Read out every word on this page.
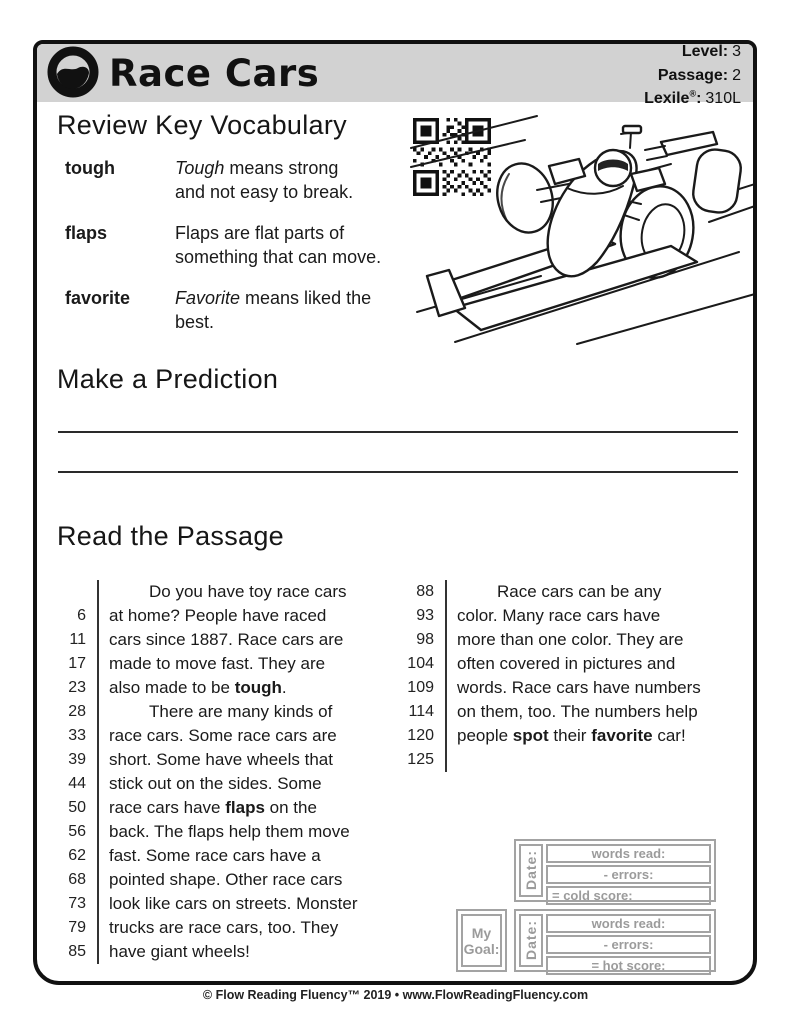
Race Cars	Level: 3
Passage: 2
Lexile®: 310L
Review Key Vocabulary
tough	Tough means strong
and not easy to break.
flaps	Flaps are flat parts of
something that can move.
favorite	Favorite means liked the best.
Make a Prediction
Read the Passage
Do you have toy race cars
6	at home? People have raced
11	cars since 1887. Race cars are
17	made to move fast. They are
23	also made to be tough.
28	There are many kinds of
33	race cars. Some race cars are
39	short. Some have wheels that
44	stick out on the sides. Some
50	race cars have flaps on the
56	back. The flaps help them move
62	fast. Some race cars have a
68	pointed shape. Other race cars
73	look like cars on streets. Monster
79	trucks are race cars, too. They
85	have giant wheels!
88	Race cars can be any
93	color. Many race cars have
98	more than one color. They are
104	often covered in pictures and
109	words. Race cars have numbers
114	on them, too. The numbers help
120	people spot their favorite car!
125
Date:	words read:
- errors:
= cold score:
My
Goal: Date:	words read:
- errors:
= hot score:
© Flow Reading Fluency™ 2019 • www.FlowReadingFluency.com
